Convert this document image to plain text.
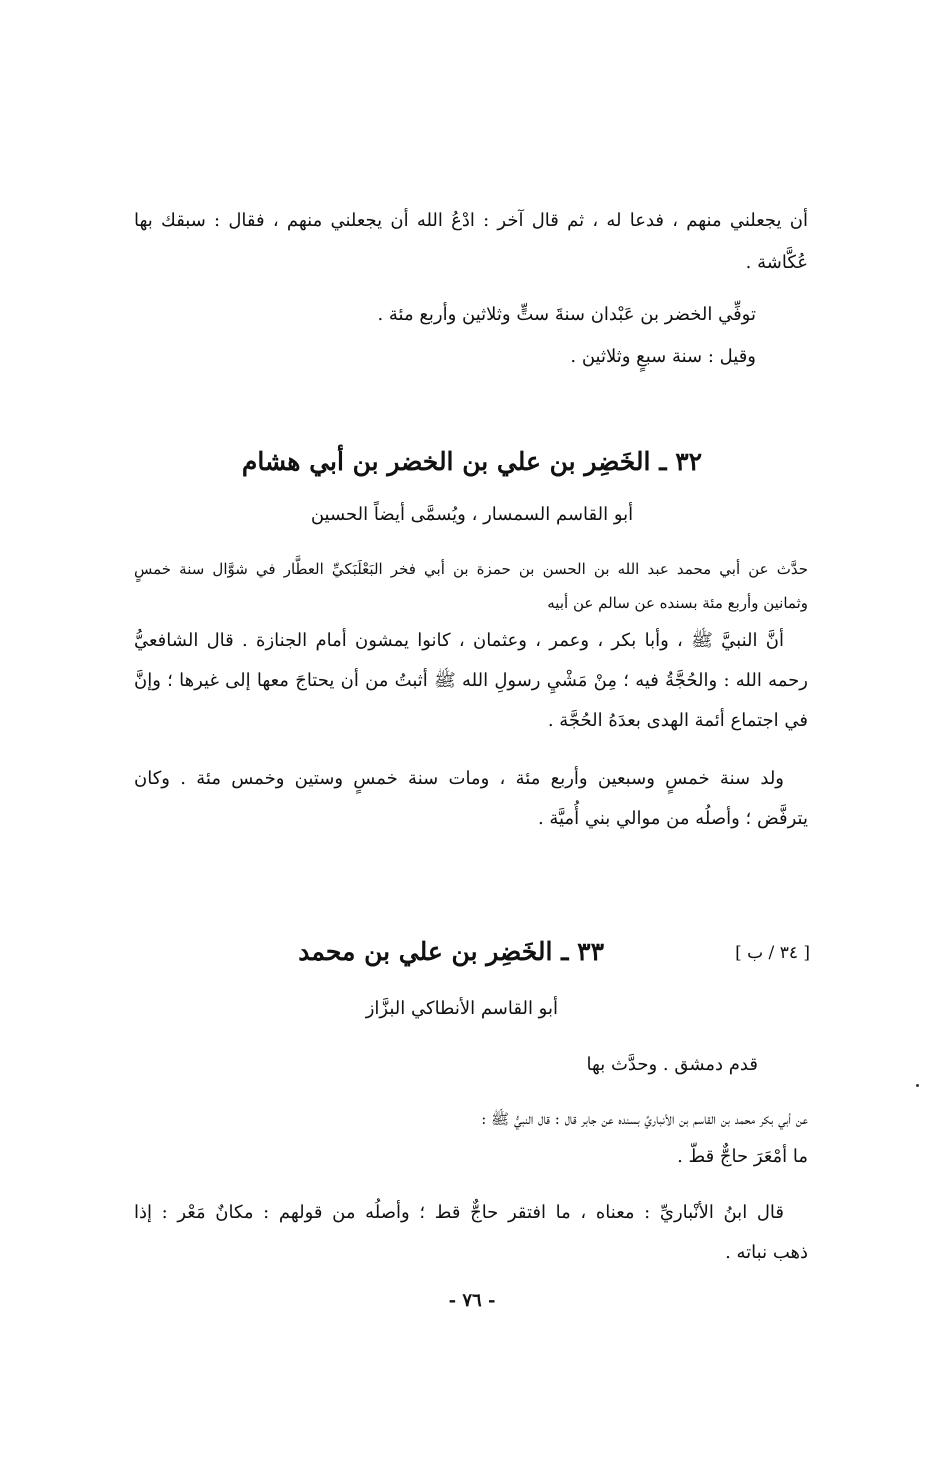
أن يجعلني منهم ، فدعا له ، ثم قال آخر : ادْعُ الله أن يجعلني منهم ، فقال : سبقك بها
عُكَّاشة .
توفِّي الخضر بن عَبْدان سنةَ ستٍّ وثلاثين وأربع مئة .
وقيل : سنة سبعٍ وثلاثين .
٣٢ ـ الخَضِر بن علي بن الخضر بن أبي هشام
أبو القاسم السمسار ، ويُسمَّى أيضاً الحسين
حدَّث عن أبي محمد عبد الله بن الحسن بن حمزة بن أبي فخر البَعْلَبَكيِّ العطَّار في شوَّال سنة خمسٍ
وثمانين وأربع مئة بسنده عن سالم عن أبيه
أنَّ النبيَّ ﷺ ، وأبا بكر ، وعمر ، وعثمان ، كانوا يمشون أمام الجنازة . قال الشافعيُّ
رحمه الله : والحُجَّةُ فيه ؛ مِنْ مَشْيِ رسولِ الله ﷺ أثبتُ من أن يحتاجَ معها إلى غيرها ؛ وإنَّ
في اجتماع أئمة الهدى بعدَهُ الحُجَّة .
ولد سنة خمسٍ وسبعين وأربع مئة ، ومات سنة خمسٍ وستين وخمس مئة . وكان
يترفَّض ؛ وأصلُه من موالي بني أُميَّة .
[ ٣٤ / ب ]
٣٣ ـ الخَضِر بن علي بن محمد
أبو القاسم الأنطاكي البزَّاز
قدم دمشق . وحدَّث بها
عن أبي بكر محمد بن القاسم بن الأنباريِّ بسنده عن جابر قال : قال النبيُّ ﷺ :
ما أمْعَرَ حاجٌّ قطّ .
قال ابنُ الأنْباريِّ : معناه ، ما افتقر حاجٌّ قط ؛ وأصلُه من قولهم : مكانٌ مَعْر : إذا
ذهب نباته .
- ٧٦ -
